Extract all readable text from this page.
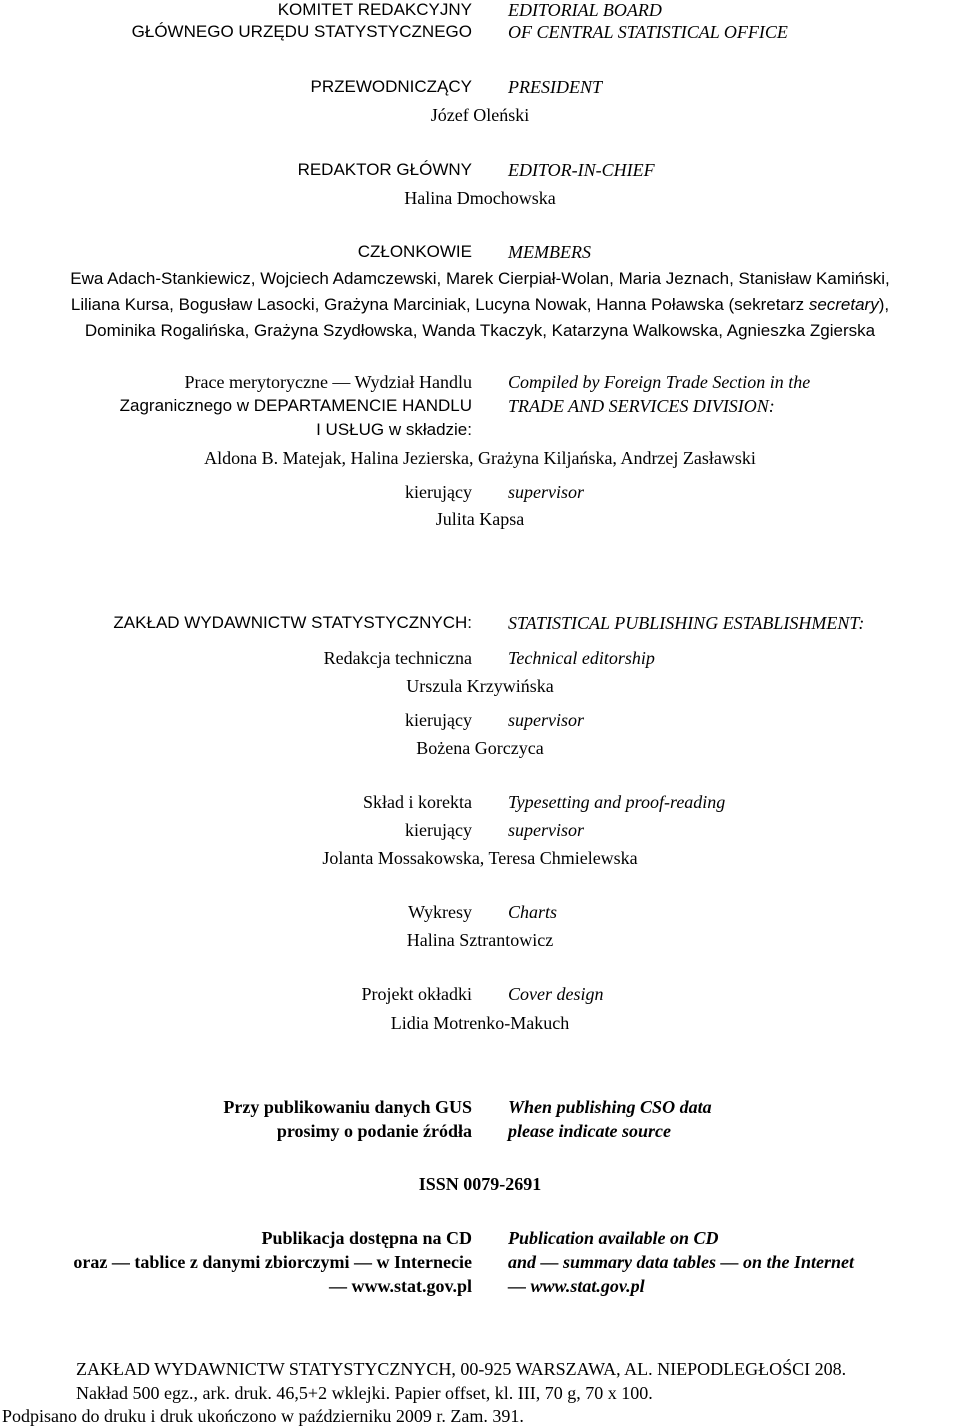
KOMITET REDAKCYJNY
GŁÓWNEGO URZĘDU STATYSTYCZNEGO
EDITORIAL BOARD
OF CENTRAL STATISTICAL OFFICE
PRZEWODNICZĄCY PRESIDENT
Józef Oleński
REDAKTOR GŁÓWNY EDITOR-IN-CHIEF
Halina Dmochowska
CZŁONKOWIE MEMBERS
Ewa Adach-Stankiewicz, Wojciech Adamczewski, Marek Cierpiał-Wolan, Maria Jeznach, Stanisław Kamiński,
Liliana Kursa, Bogusław Lasocki, Grażyna Marciniak, Lucyna Nowak, Hanna Poławska (sekretarz secretary),
Dominika Rogalińska, Grażyna Szydłowska, Wanda Tkaczyk, Katarzyna Walkowska, Agnieszka Zgierska
Prace merytoryczne — Wydział Handlu
Zagranicznego w DEPARTAMENCIE HANDLU
I USŁUG w składzie:
Compiled by Foreign Trade Section in the
TRADE AND SERVICES DIVISION:
Aldona B. Matejak, Halina Jezierska, Grażyna Kiljańska, Andrzej Zasławski
kierujący supervisor
Julita Kapsa
ZAKŁAD WYDAWNICTW STATYSTYCZNYCH: STATISTICAL PUBLISHING ESTABLISHMENT:
Redakcja techniczna Technical editorship
Urszula Krzywińska
kierujący supervisor
Bożena Gorczyca
Skład i korekta Typesetting and proof-reading
kierujący supervisor
Jolanta Mossakowska, Teresa Chmielewska
Wykresy Charts
Halina Sztrantowicz
Projekt okładki Cover design
Lidia Motrenko-Makuch
Przy publikowaniu danych GUS
prosimy o podanie źródła
When publishing CSO data
please indicate source
ISSN 0079-2691
Publikacja dostępna na CD
oraz — tablice z danymi zbiorczymi — w Internecie
— www.stat.gov.pl
Publication available on CD
and — summary data tables — on the Internet
— www.stat.gov.pl
ZAKŁAD WYDAWNICTW STATYSTYCZNYCH, 00-925 WARSZAWA, AL. NIEPODLEGŁOŚCI 208.
Nakład 500 egz., ark. druk. 46,5+2 wklejki. Papier offset, kl. III, 70 g, 70 x 100.
Podpisano do druku i druk ukończono w październiku 2009 r. Zam. 391.
